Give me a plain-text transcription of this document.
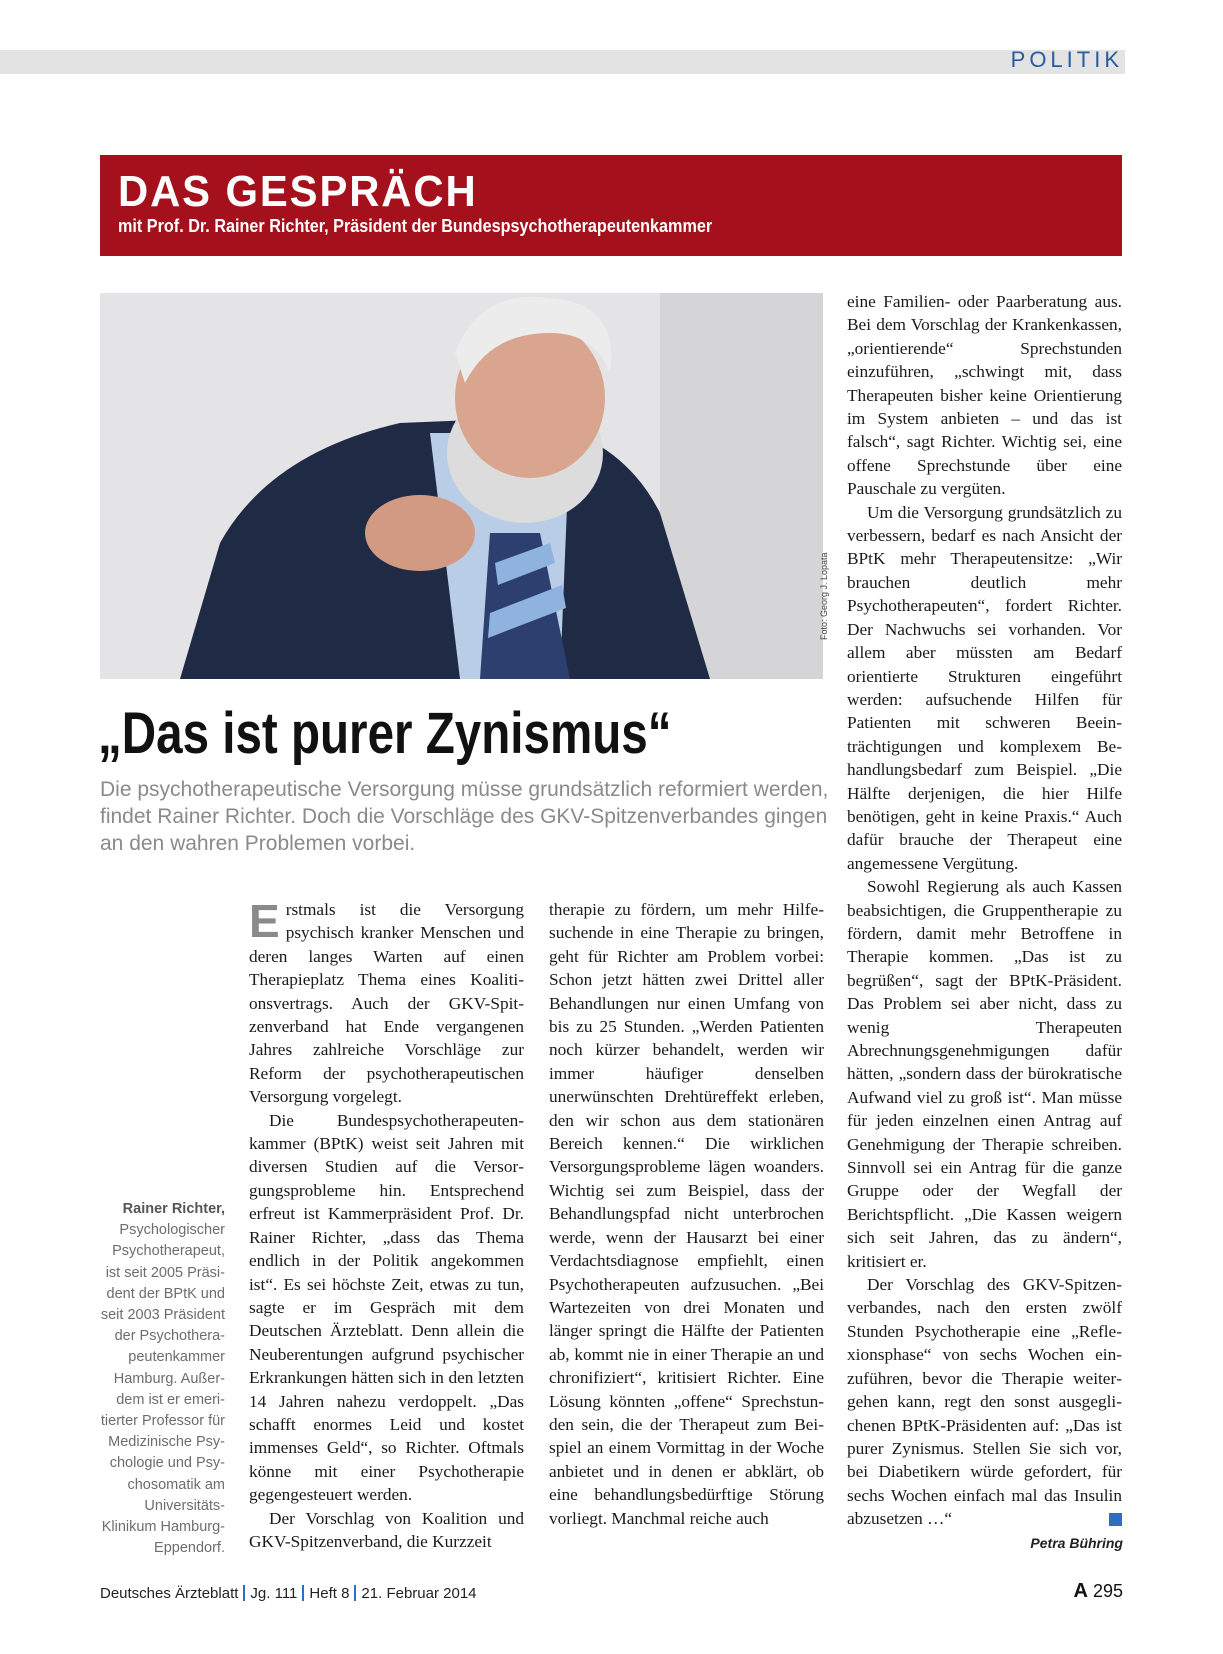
POLITIK
DAS GESPRÄCH
mit Prof. Dr. Rainer Richter, Präsident der Bundespsychotherapeutenkammer
Foto: Georg J. Lopata
„Das ist purer Zynismus“

Die psychotherapeutische Versorgung müsse grundsätzlich reformiert werden, findet Rainer Richter. Doch die Vorschläge des GKV-Spitzenverbandes gingen an den wahren Problemen vorbei.

Rainer Richter,
Psychologischer Psychotherapeut, ist seit 2005 Präsident der BPtK und seit 2003 Präsident der Psychotherapeutenkammer Hamburg. Außerdem ist er emeritierter Professor für Medizinische Psychologie und Psychosomatik am Universitäts-Klinikum Hamburg-Eppendorf.

Erstmals ist die Versorgung psychisch kranker Menschen und deren langes Warten auf einen Therapieplatz Thema eines Koalitionsvertrags. Auch der GKV-Spitzenverband hat Ende vergangenen Jahres zahlreiche Vorschläge zur Reform der psychotherapeutischen Versorgung vorgelegt.

Die Bundespsychotherapeutenkammer (BPtK) weist seit Jahren mit diversen Studien auf die Versorgungsprobleme hin. Entsprechend erfreut ist Kammerpräsident Prof. Dr. Rainer Richter, „dass das Thema endlich in der Politik angekommen ist“. Es sei höchste Zeit, etwas zu tun, sagte er im Gespräch mit dem Deutschen Ärzteblatt. Denn allein die Neuberentungen aufgrund psychischer Erkrankungen hätten sich in den letzten 14 Jahren nahezu verdoppelt. „Das schafft enormes Leid und kostet immenses Geld“, so Richter. Oftmals könne mit einer Psychotherapie gegengesteuert werden.

Der Vorschlag von Koalition und GKV-Spitzenverband, die Kurzzeit

therapie zu fördern, um mehr Hilfesuchende in eine Therapie zu bringen, geht für Richter am Problem vorbei: Schon jetzt hätten zwei Drittel aller Behandlungen nur einen Umfang von bis zu 25 Stunden. „Werden Patienten noch kürzer behandelt, werden wir immer häufiger denselben unerwünschten Drehtüreffekt erleben, den wir schon aus dem stationären Bereich kennen.“ Die wirklichen Versorgungsprobleme lägen woanders. Wichtig sei zum Beispiel, dass der Behandlungspfad nicht unterbrochen werde, wenn der Hausarzt bei einer Verdachtsdiagnose empfiehlt, einen Psychotherapeuten aufzusuchen. „Bei Wartezeiten von drei Monaten und länger springt die Hälfte der Patienten ab, kommt nie in einer Therapie an und chronifiziert“, kritisiert Richter. Eine Lösung könnten „offene“ Sprechstunden sein, die der Therapeut zum Beispiel an einem Vormittag in der Woche anbietet und in denen er abklärt, ob eine behandlungsbedürftige Störung vorliegt. Manchmal reiche auch

eine Familien- oder Paarberatung aus. Bei dem Vorschlag der Krankenkassen, „orientierende“ Sprechstunden einzuführen, „schwingt mit, dass Therapeuten bisher keine Orientierung im System anbieten – und das ist falsch“, sagt Richter. Wichtig sei, eine offene Sprechstunde über eine Pauschale zu vergüten.

Um die Versorgung grundsätzlich zu verbessern, bedarf es nach Ansicht der BPtK mehr Therapeutensitze: „Wir brauchen deutlich mehr Psychotherapeuten“, fordert Richter. Der Nachwuchs sei vorhanden. Vor allem aber müssten am Bedarf orientierte Strukturen eingeführt werden: aufsuchende Hilfen für Patienten mit schweren Beeinträchtigungen und komplexem Behandlungsbedarf zum Beispiel. „Die Hälfte derjenigen, die hier Hilfe benötigen, geht in keine Praxis.“ Auch dafür brauche der Therapeut eine angemessene Vergütung.

Sowohl Regierung als auch Kassen beabsichtigen, die Gruppentherapie zu fördern, damit mehr Betroffene in Therapie kommen. „Das ist zu begrüßen“, sagt der BPtK-Präsident. Das Problem sei aber nicht, dass zu wenig Therapeuten Abrechnungsgenehmigungen dafür hätten, „sondern dass der bürokratische Aufwand viel zu groß ist“. Man müsse für jeden einzelnen einen Antrag auf Genehmigung der Therapie schreiben. Sinnvoll sei ein Antrag für die ganze Gruppe oder der Wegfall der Berichtspflicht. „Die Kassen weigern sich seit Jahren, das zu ändern“, kritisiert er.

Der Vorschlag des GKV-Spitzenverbandes, nach den ersten zwölf Stunden Psychotherapie eine „Reflexionsphase“ von sechs Wochen einzuführen, bevor die Therapie weitergehen kann, regt den sonst ausgeglichenen BPtK-Präsidenten auf: „Das ist purer Zynismus. Stellen Sie sich vor, bei Diabetikern würde gefordert, für sechs Wochen einfach mal das Insulin abzusetzen …“

Petra Bühring
Deutsches Ärzteblatt Jg. 111 Heft 8 21. Februar 2014	A 295
